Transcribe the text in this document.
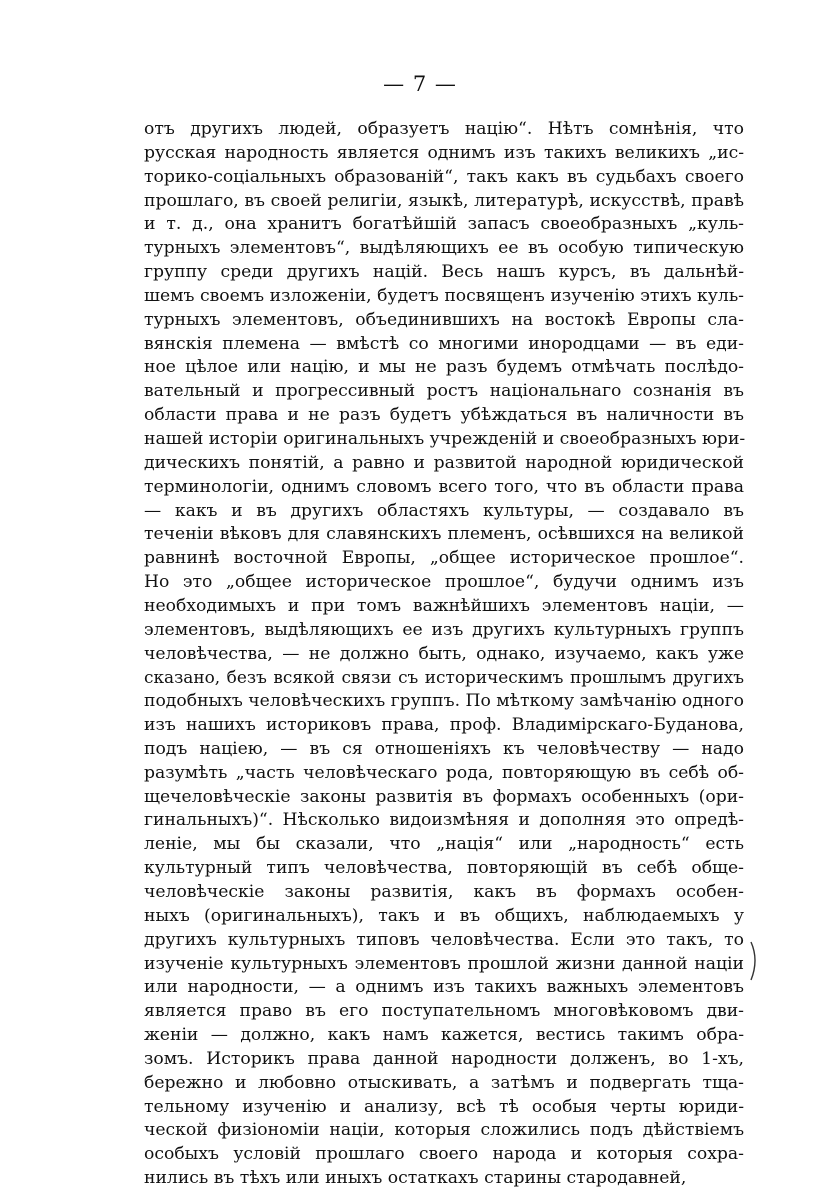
— 7 —
отъ другихъ людей, образуетъ націю“. Нѣтъ сомнѣнія, что
русская народность является однимъ изъ такихъ великихъ „ис-
торико-соціальныхъ образованій“, такъ какъ въ судьбахъ своего
прошлаго, въ своей религіи, языкѣ, литературѣ, искусствѣ, правѣ
и т. д., она хранитъ богатѣйшій запасъ своеобразныхъ „куль-
турныхъ элементовъ“, выдѣляющихъ ее въ особую типическую
группу среди другихъ націй. Весь нашъ курсъ, въ дальнѣй-
шемъ своемъ изложеніи, будетъ посвященъ изученію этихъ куль-
турныхъ элементовъ, объединившихъ на востокѣ Европы сла-
вянскія племена — вмѣстѣ со многими инородцами — въ еди-
ное цѣлое или націю, и мы не разъ будемъ отмѣчать послѣдо-
вательный и прогрессивный ростъ національнаго сознанія въ
области права и не разъ будетъ убѣждаться въ наличности въ
нашей исторіи оригинальныхъ учрежденій и своеобразныхъ юри-
дическихъ понятій, а равно и развитой народной юридической
терминологіи, однимъ словомъ всего того, что въ области права
— какъ и въ другихъ областяхъ культуры, — создавало въ
теченіи вѣковъ для славянскихъ племенъ, осѣвшихся на великой
равнинѣ восточной Европы, „общее историческое прошлое“.
Но это „общее историческое прошлое“, будучи однимъ изъ
необходимыхъ и при томъ важнѣйшихъ элементовъ націи, —
элементовъ, выдѣляющихъ ее изъ другихъ культурныхъ группъ
человѣчества, — не должно быть, однако, изучаемо, какъ уже
сказано, безъ всякой связи съ историческимъ прошлымъ другихъ
подобныхъ человѣческихъ группъ. По мѣткому замѣчанію одного
изъ нашихъ историковъ права, проф. Владимірскаго-Буданова,
подъ націею, — въ ся отношеніяхъ къ человѣчеству — надо
разумѣть „часть человѣческаго рода, повторяющую въ себѣ об-
щечеловѣческіе законы развитія въ формахъ особенныхъ (ори-
гинальныхъ)“. Нѣсколько видоизмѣняя и дополняя это опредѣ-
леніе, мы бы сказали, что „нація“ или „народность“ есть
культурный типъ человѣчества, повторяющій въ себѣ обще-
человѣческіе законы развитія, какъ въ формахъ особен-
ныхъ (оригинальныхъ), такъ и въ общихъ, наблюдаемыхъ у
другихъ культурныхъ типовъ человѣчества. Если это такъ, то
изученіе культурныхъ элементовъ прошлой жизни данной націи
или народности, — а однимъ изъ такихъ важныхъ элементовъ
является право въ его поступательномъ многовѣковомъ дви-
женіи — должно, какъ намъ кажется, вестись такимъ обра-
зомъ. Историкъ права данной народности долженъ, во 1-хъ,
бережно и любовно отыскивать, а затѣмъ и подвергать тща-
тельному изученію и анализу, всѣ тѣ особыя черты юриди-
ческой физіономіи націи, которыя сложились подъ дѣйствіемъ
особыхъ условій прошлаго своего народа и которыя сохра-
нились въ тѣхъ или иныхъ остаткахъ старины стародавней,
